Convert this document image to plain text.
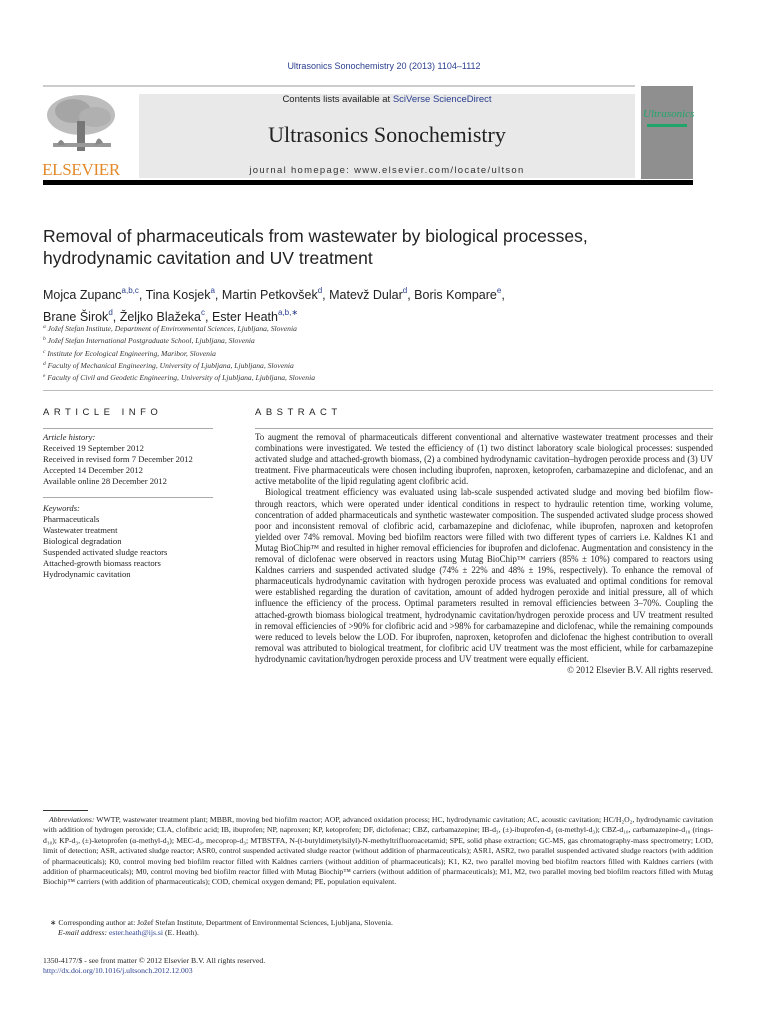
Ultrasonics Sonochemistry 20 (2013) 1104–1112
ELSEVIER
Contents lists available at SciVerse ScienceDirect
Ultrasonics Sonochemistry
journal homepage: www.elsevier.com/locate/ultson
Ultrasonics
Removal of pharmaceuticals from wastewater by biological processes,
hydrodynamic cavitation and UV treatment
Mojca Zupanc$^{a,b,c}$, Tina Kosjek$^a$, Martin Petkovšek$^d$, Matevž Dular$^d$, Boris Kompare$^e$,
Brane Širok$^d$, Željko Blažeka$^c$, Ester Heath$^{a,b,∗}$
$^a$ Jožef Stefan Institute, Department of Environmental Sciences, Ljubljana, Slovenia
$^b$ Jožef Stefan International Postgraduate School, Ljubljana, Slovenia
$^c$ Institute for Ecological Engineering, Maribor, Slovenia
$^d$ Faculty of Mechanical Engineering, University of Ljubljana, Ljubljana, Slovenia
$^e$ Faculty of Civil and Geodetic Engineering, University of Ljubljana, Ljubljana, Slovenia
ARTICLE INFO
Article history:
Received 19 September 2012
Received in revised form 7 December 2012
Accepted 14 December 2012
Available online 28 December 2012
Keywords:
Pharmaceuticals
Wastewater treatment
Biological degradation
Suspended activated sludge reactors
Attached-growth biomass reactors
Hydrodynamic cavitation
ABSTRACT

To augment the removal of pharmaceuticals different conventional and alternative wastewater treatment processes and their combinations were investigated. We tested the efficiency of (1) two distinct laboratory scale biological processes: suspended activated sludge and attached-growth biomass, (2) a combined hydrodynamic cavitation–hydrogen peroxide process and (3) UV treatment. Five pharmaceuticals were chosen including ibuprofen, naproxen, ketoprofen, carbamazepine and diclofenac, and an active metabolite of the lipid regulating agent clofibric acid.

Biological treatment efficiency was evaluated using lab-scale suspended activated sludge and moving bed biofilm flow-through reactors, which were operated under identical conditions in respect to hydraulic retention time, working volume, concentration of added pharmaceuticals and synthetic wastewater composition. The suspended activated sludge process showed poor and inconsistent removal of clofibric acid, carbamazepine and diclofenac, while ibuprofen, naproxen and ketoprofen yielded over 74% removal. Moving bed biofilm reactors were filled with two different types of carriers i.e. Kaldnes K1 and Mutag BioChip™ and resulted in higher removal efficiencies for ibuprofen and diclofenac. Augmentation and consistency in the removal of diclofenac were observed in reactors using Mutag BioChip™ carriers (85% ± 10%) compared to reactors using Kaldnes carriers and suspended activated sludge (74% ± 22% and 48% ± 19%, respectively). To enhance the removal of pharmaceuticals hydrodynamic cavitation with hydrogen peroxide process was evaluated and optimal conditions for removal were established regarding the duration of cavitation, amount of added hydrogen peroxide and initial pressure, all of which influence the efficiency of the process. Optimal parameters resulted in removal efficiencies between 3–70%. Coupling the attached-growth biomass biological treatment, hydrodynamic cavitation/hydrogen peroxide process and UV treatment resulted in removal efficiencies of >90% for clofibric acid and >98% for carbamazepine and diclofenac, while the remaining compounds were reduced to levels below the LOD. For ibuprofen, naproxen, ketoprofen and diclofenac the highest contribution to overall removal was attributed to biological treatment, for clofibric acid UV treatment was the most efficient, while for carbamazepine hydrodynamic cavitation/hydrogen peroxide process and UV treatment were equally efficient.

© 2012 Elsevier B.V. All rights reserved.
Abbreviations: WWTP, wastewater treatment plant; MBBR, moving bed biofilm reactor; AOP, advanced oxidation process; HC, hydrodynamic cavitation; AC, acoustic cavitation; HC/H₂O₂, hydrodynamic cavitation with addition of hydrogen peroxide; CLA, clofibric acid; IB, ibuprofen; NP, naproxen; KP, ketoprofen; DF, diclofenac; CBZ, carbamazepine; IB-d₃, (±)-ibuprofen-d₃ (α-methyl-d₃); CBZ-d₁₀, carbamazepine-d₁₀ (rings-d₁₀); KP-d₃, (±)-ketoprofen (α-methyl-d₃); MEC-d₃, mecoprop-d₃; MTBSTFA, N-(t-butyldimetylsilyl)-N-methyltrifluoroacetamid; SPE, solid phase extraction; GC-MS, gas chromatography-mass spectrometry; LOD, limit of detection; ASR, activated sludge reactor; ASR0, control suspended activated sludge reactor (without addition of pharmaceuticals); ASR1, ASR2, two parallel suspended activated sludge reactors (with addition of pharmaceuticals); K0, control moving bed biofilm reactor filled with Kaldnes carriers (without addition of pharmaceuticals); K1, K2, two parallel moving bed biofilm reactors filled with Kaldnes carriers (with addition of pharmaceuticals); M0, control moving bed biofilm reactor filled with Mutag Biochip™ carriers (without addition of pharmaceuticals); M1, M2, two parallel moving bed biofilm reactors filled with Mutag Biochip™ carriers (with addition of pharmaceuticals); COD, chemical oxygen demand; PE, population equivalent.
∗ Corresponding author at: Jožef Stefan Institute, Department of Environmental Sciences, Ljubljana, Slovenia.
E-mail address: ester.heath@ijs.si (E. Heath).
1350-4177/$ - see front matter © 2012 Elsevier B.V. All rights reserved.
http://dx.doi.org/10.1016/j.ultsonch.2012.12.003
